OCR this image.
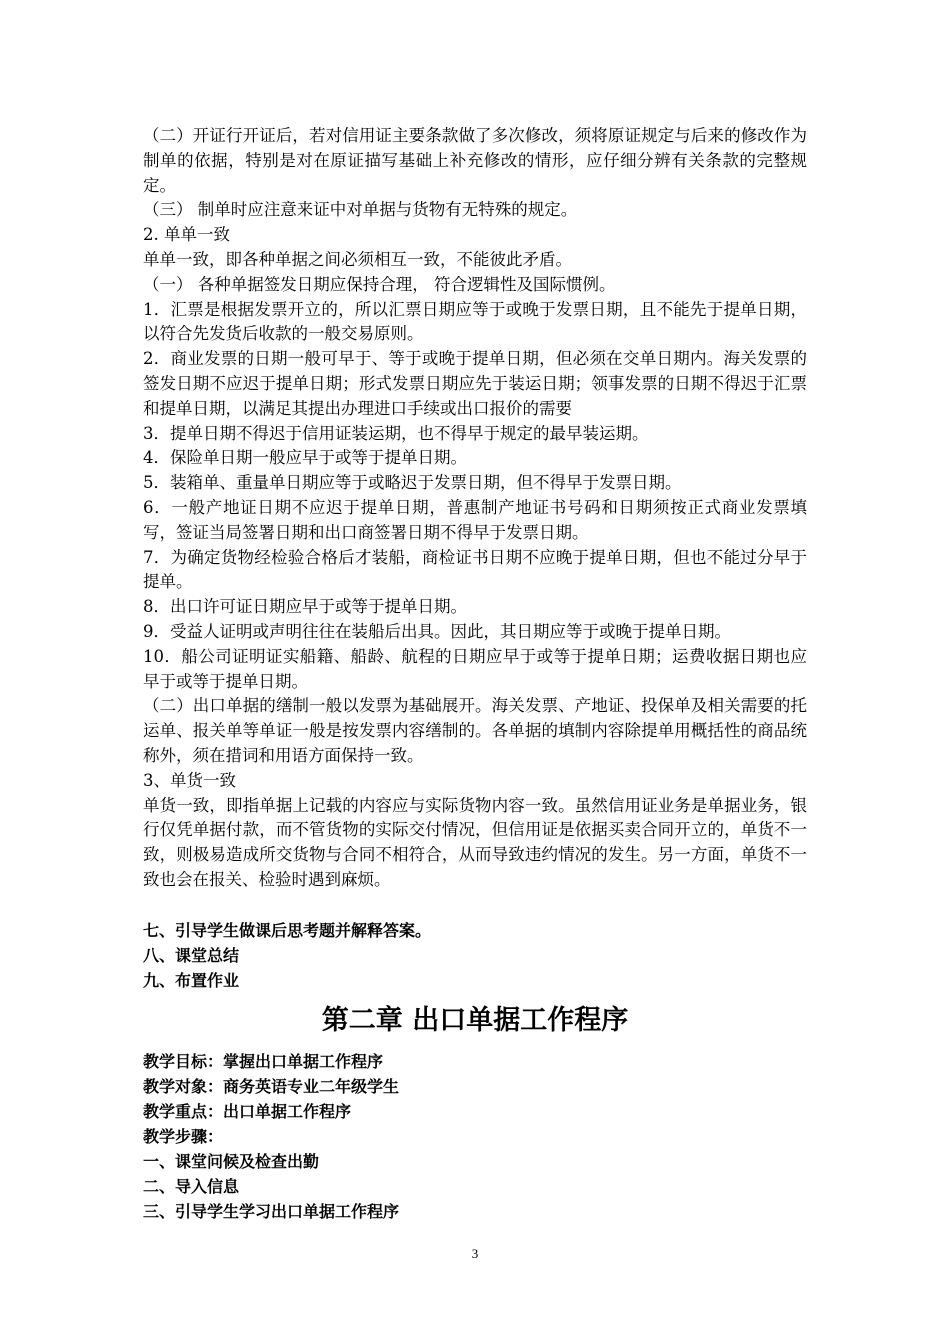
（二）开证行开证后，若对信用证主要条款做了多次修改，须将原证规定与后来的修改作为制单的依据，特别是对在原证描写基础上补充修改的情形，应仔细分辨有关条款的完整规定。

（三） 制单时应注意来证中对单据与货物有无特殊的规定。

2. 单单一致

单单一致，即各种单据之间必须相互一致，不能彼此矛盾。

（一） 各种单据签发日期应保持合理， 符合逻辑性及国际惯例。

1．汇票是根据发票开立的，所以汇票日期应等于或晚于发票日期，且不能先于提单日期，以符合先发货后收款的一般交易原则。

2．商业发票的日期一般可早于、等于或晚于提单日期，但必须在交单日期内。海关发票的签发日期不应迟于提单日期；形式发票日期应先于装运日期；领事发票的日期不得迟于汇票和提单日期，以满足其提出办理进口手续或出口报价的需要

3．提单日期不得迟于信用证装运期，也不得早于规定的最早装运期。

4．保险单日期一般应早于或等于提单日期。

5．装箱单、重量单日期应等于或略迟于发票日期，但不得早于发票日期。

6．一般产地证日期不应迟于提单日期，普惠制产地证书号码和日期须按正式商业发票填写，签证当局签署日期和出口商签署日期不得早于发票日期。

7．为确定货物经检验合格后才装船，商检证书日期不应晚于提单日期，但也不能过分早于提单。

8．出口许可证日期应早于或等于提单日期。

9．受益人证明或声明往往在装船后出具。因此，其日期应等于或晚于提单日期。

10．船公司证明证实船籍、船龄、航程的日期应早于或等于提单日期；运费收据日期也应早于或等于提单日期。

（二）出口单据的缮制一般以发票为基础展开。海关发票、产地证、投保单及相关需要的托运单、报关单等单证一般是按发票内容缮制的。各单据的填制内容除提单用概括性的商品统称外，须在措词和用语方面保持一致。

3、单货一致

单货一致，即指单据上记载的内容应与实际货物内容一致。虽然信用证业务是单据业务，银行仅凭单据付款，而不管货物的实际交付情况，但信用证是依据买卖合同开立的，单货不一致，则极易造成所交货物与合同不相符合，从而导致违约情况的发生。另一方面，单货不一致也会在报关、检验时遇到麻烦。

七、引导学生做课后思考题并解释答案。

八、课堂总结

九、布置作业

第二章 出口单据工作程序

教学目标：掌握出口单据工作程序

教学对象：商务英语专业二年级学生

教学重点：出口单据工作程序

教学步骤：

一、课堂问候及检查出勤

二、导入信息

三、引导学生学习出口单据工作程序

3
